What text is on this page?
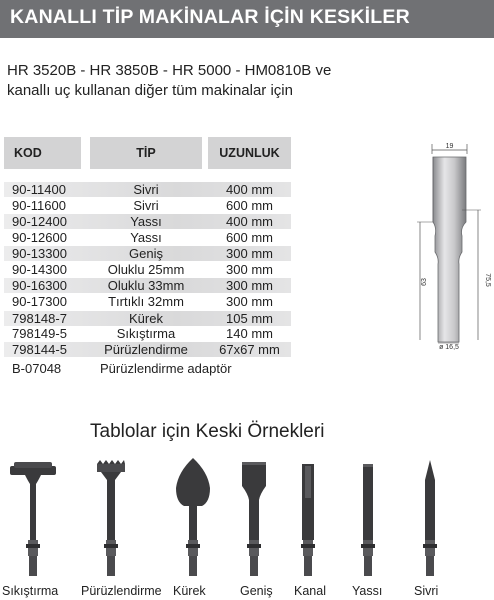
KANALLI TİP MAKİNALAR İÇİN KESKİLER
HR 3520B - HR 3850B - HR 5000 - HM0810B ve
kanallı uç kullanan diğer tüm makinalar için
KOD	TİP	UZUNLUK
90-11400	Sivri	400 mm
90-11600	Sivri	600 mm
90-12400	Yassı	400 mm
90-12600	Yassı	600 mm
90-13300	Geniş	300 mm
90-14300	Oluklu 25mm	300 mm
90-16300	Oluklu 33mm	300 mm
90-17300	Tırtıklı 32mm	300 mm
798148-7	Kürek	105 mm
798149-5	Sıkıştırma	140 mm
798144-5	Pürüzlendirme	67x67 mm
B-07048	Pürüzlendirme adaptör
19
63	75,5
ø 16,5
Tablolar için Keski Örnekleri
Sıkıştırma Pürüzlendirme Kürek	Geniş Kanal Yassı	Sivri
